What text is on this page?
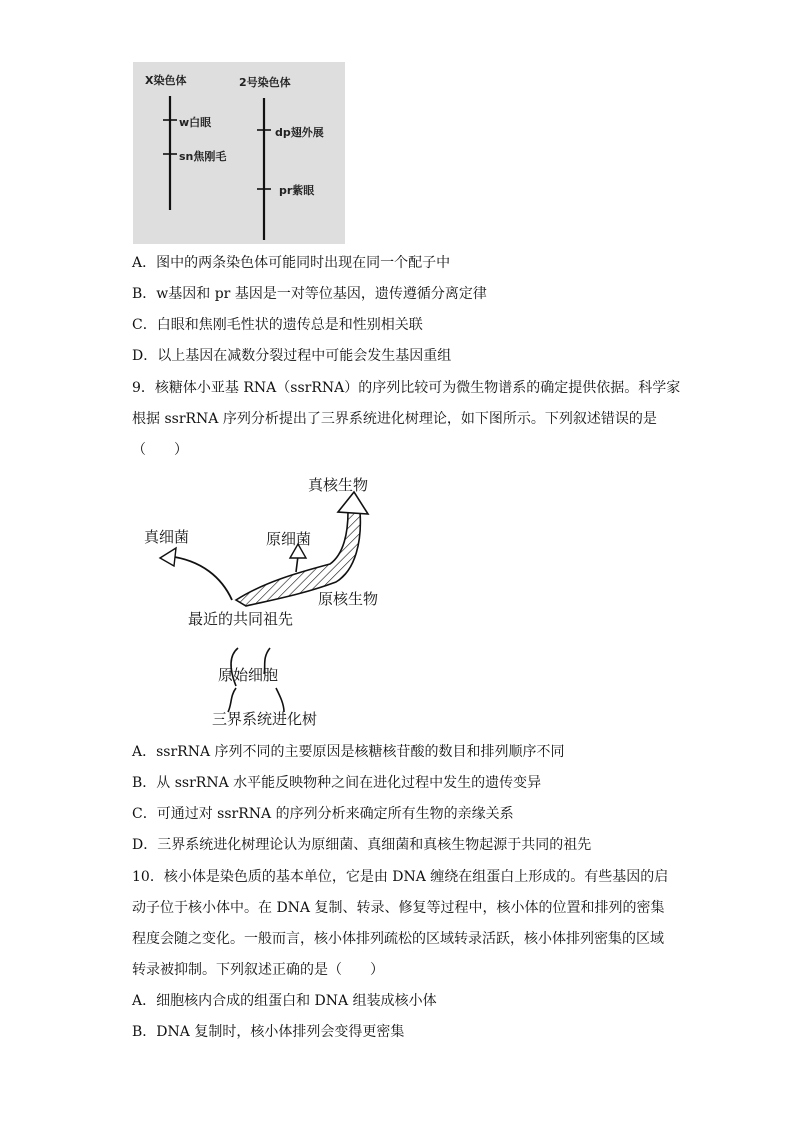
X染色体	2号染色体
w白眼
sn焦刚毛
dp翅外展
pr紫眼
A．图中的两条染色体可能同时出现在同一个配子中
B．w基因和 pr 基因是一对等位基因，遗传遵循分离定律
C．白眼和焦刚毛性状的遗传总是和性别相关联
D．以上基因在减数分裂过程中可能会发生基因重组
9．核糖体小亚基 RNA（ssrRNA）的序列比较可为微生物谱系的确定提供依据。科学家
根据 ssrRNA 序列分析提出了三界系统进化树理论，如下图所示。下列叙述错误的是
（　　）
真核生物
真细菌	原细菌
原核生物
最近的共同祖先
原始细胞
三界系统进化树
A．ssrRNA 序列不同的主要原因是核糖核苷酸的数目和排列顺序不同
B．从 ssrRNA 水平能反映物种之间在进化过程中发生的遗传变异
C．可通过对 ssrRNA 的序列分析来确定所有生物的亲缘关系
D．三界系统进化树理论认为原细菌、真细菌和真核生物起源于共同的祖先
10．核小体是染色质的基本单位，它是由 DNA 缠绕在组蛋白上形成的。有些基因的启
动子位于核小体中。在 DNA 复制、转录、修复等过程中，核小体的位置和排列的密集
程度会随之变化。一般而言，核小体排列疏松的区域转录活跃，核小体排列密集的区域
转录被抑制。下列叙述正确的是（　　）
A．细胞核内合成的组蛋白和 DNA 组装成核小体
B．DNA 复制时，核小体排列会变得更密集
